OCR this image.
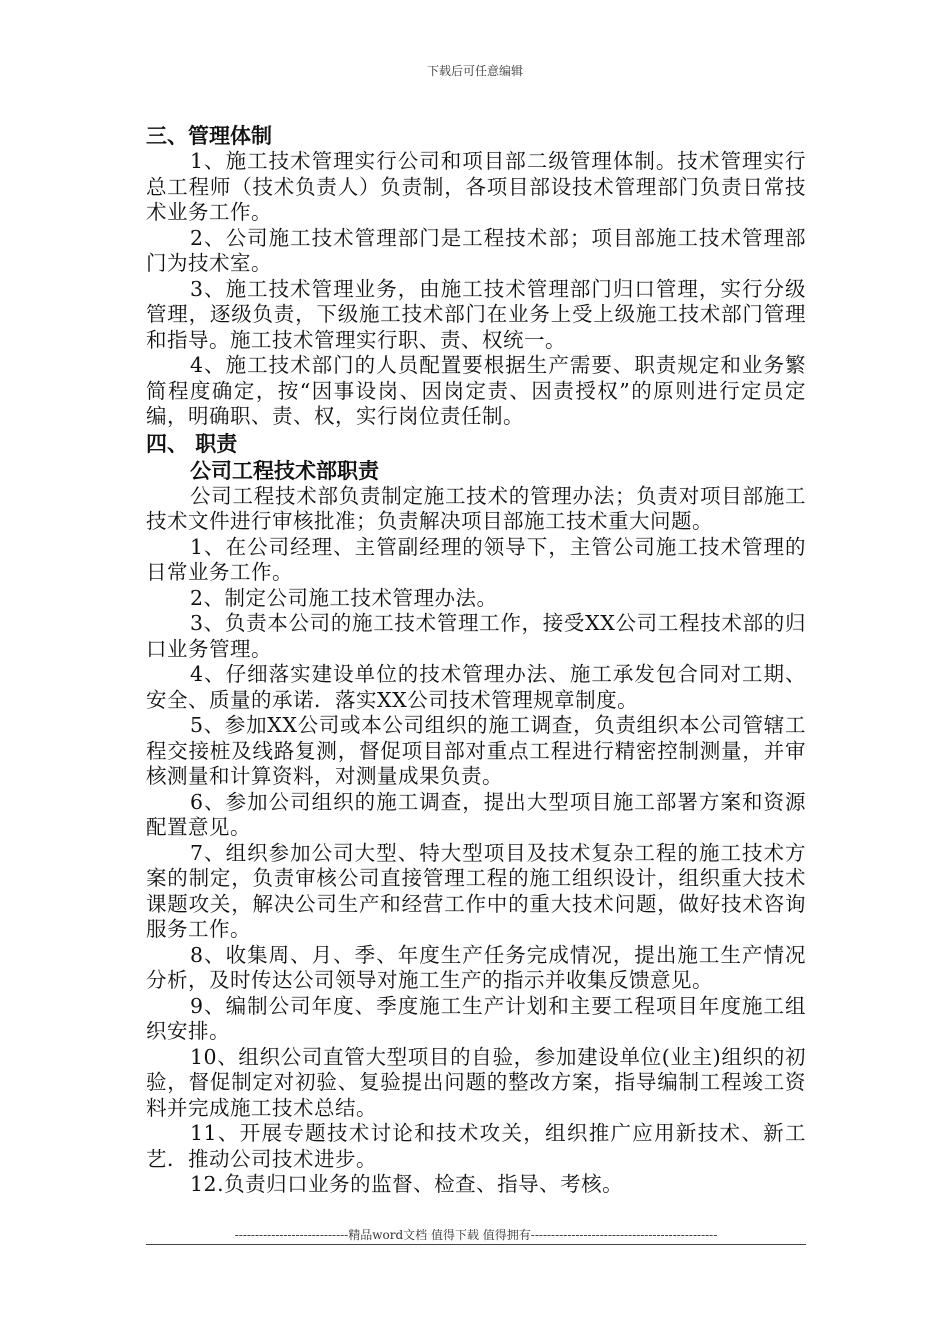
下载后可任意编辑
三、管理体制

1、施工技术管理实行公司和项目部二级管理体制。技术管理实行总工程师（技术负责人）负责制，各项目部设技术管理部门负责日常技术业务工作。

2、公司施工技术管理部门是工程技术部；项目部施工技术管理部门为技术室。

3、施工技术管理业务，由施工技术管理部门归口管理，实行分级管理，逐级负责，下级施工技术部门在业务上受上级施工技术部门管理和指导。施工技术管理实行职、责、权统一。

4、施工技术部门的人员配置要根据生产需要、职责规定和业务繁简程度确定，按“因事设岗、因岗定责、因责授权”的原则进行定员定编，明确职、责、权，实行岗位责任制。

四、 职责
公司工程技术部职责

公司工程技术部负责制定施工技术的管理办法；负责对项目部施工技术文件进行审核批准；负责解决项目部施工技术重大问题。

1、在公司经理、主管副经理的领导下，主管公司施工技术管理的日常业务工作。

2、制定公司施工技术管理办法。

3、负责本公司的施工技术管理工作，接受XX公司工程技术部的归口业务管理。

4、仔细落实建设单位的技术管理办法、施工承发包合同对工期、安全、质量的承诺．落实XX公司技术管理规章制度。

5、参加XX公司或本公司组织的施工调查，负责组织本公司管辖工程交接桩及线路复测，督促项目部对重点工程进行精密控制测量，并审核测量和计算资料，对测量成果负责。

6、参加公司组织的施工调查，提出大型项目施工部署方案和资源配置意见。

7、组织参加公司大型、特大型项目及技术复杂工程的施工技术方案的制定，负责审核公司直接管理工程的施工组织设计，组织重大技术课题攻关，解决公司生产和经营工作中的重大技术问题，做好技术咨询服务工作。

8、收集周、月、季、年度生产任务完成情况，提出施工生产情况分析，及时传达公司领导对施工生产的指示并收集反馈意见。

9、编制公司年度、季度施工生产计划和主要工程项目年度施工组织安排。

10、组织公司直管大型项目的自验，参加建设单位(业主)组织的初验，督促制定对初验、复验提出问题的整改方案，指导编制工程竣工资料并完成施工技术总结。

11、开展专题技术讨论和技术攻关，组织推广应用新技术、新工艺．推动公司技术进步。

12.负责归口业务的监督、检查、指导、考核。

----------------------------精品word文档 值得下载 值得拥有----------------------------------------------
